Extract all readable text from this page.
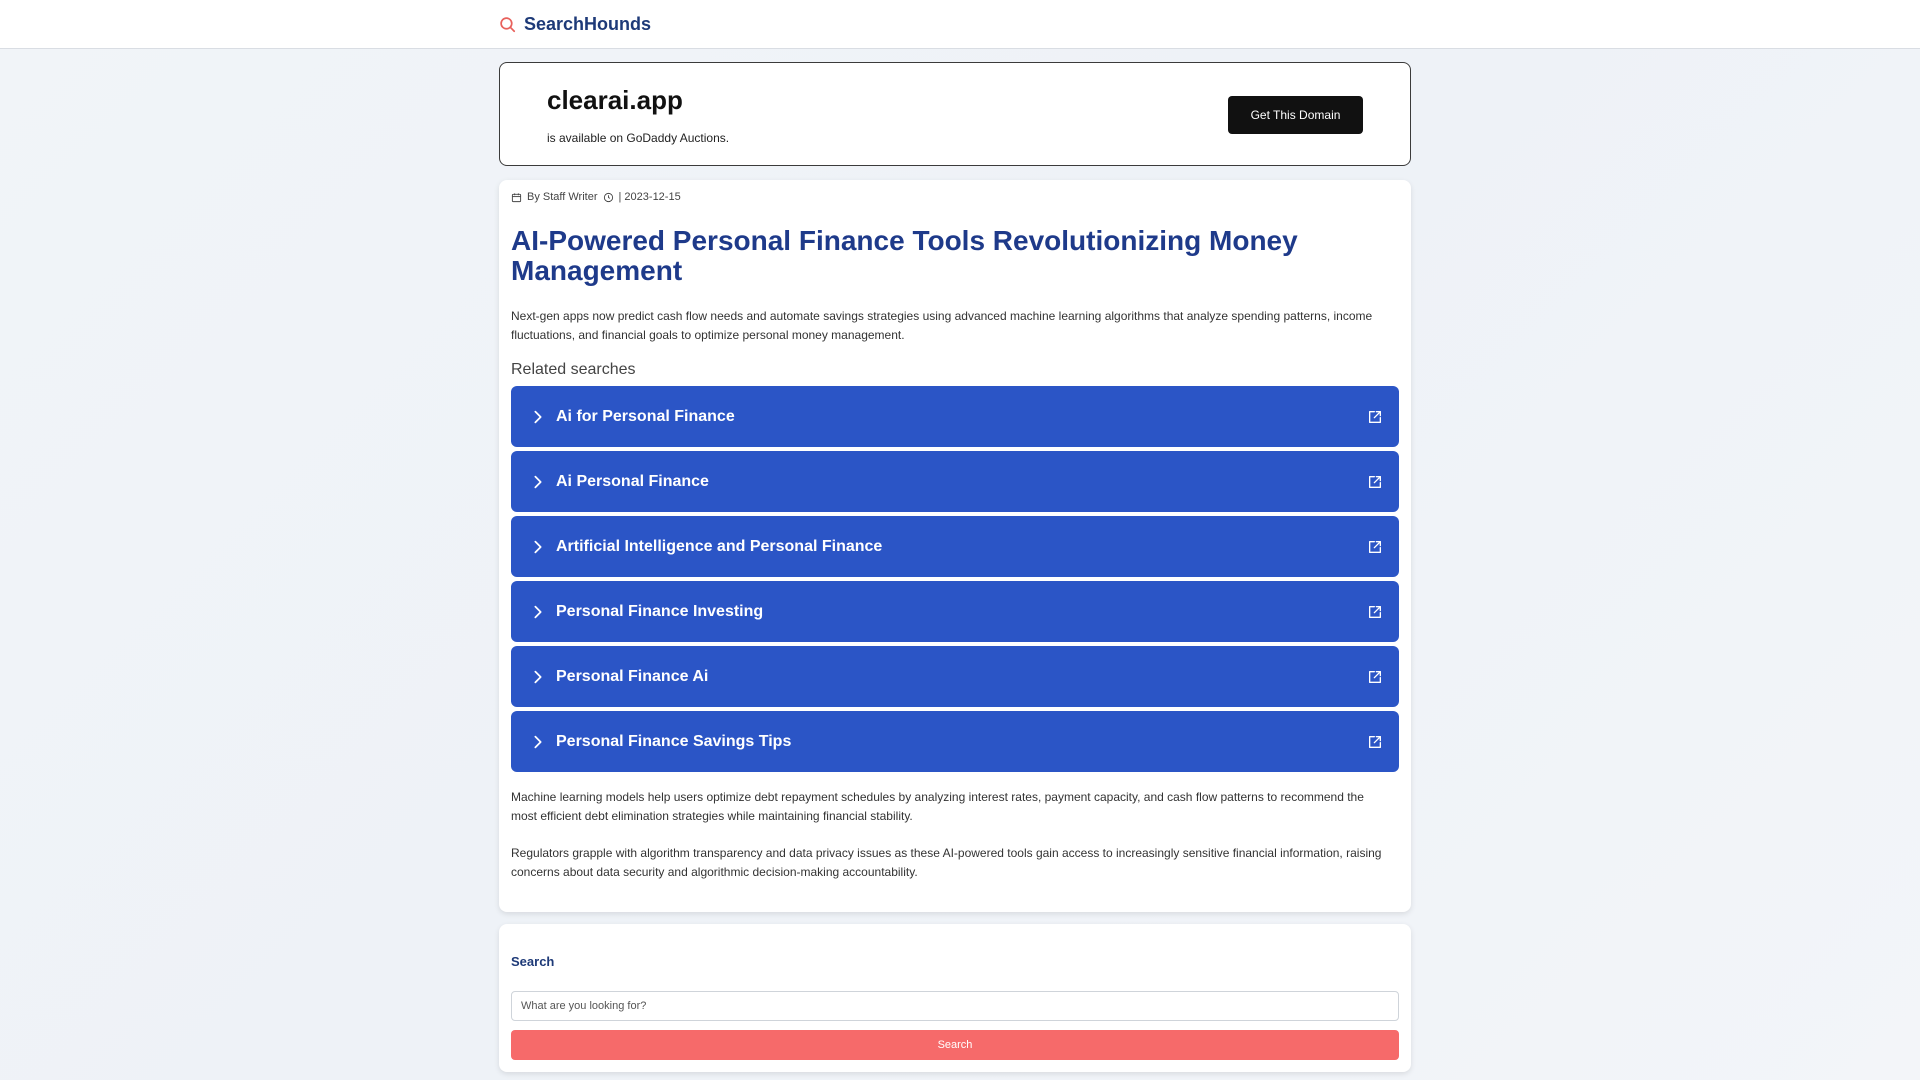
SearchHounds
clearai.app
is available on GoDaddy Auctions.
Get This Domain
By Staff Writer | 2023-12-15
AI-Powered Personal Finance Tools Revolutionizing Money Management

Next-gen apps now predict cash flow needs and automate savings strategies using advanced machine learning algorithms that analyze spending patterns, income fluctuations, and financial goals to optimize personal money management.

Related searches
Ai for Personal Finance
Ai Personal Finance
Artificial Intelligence and Personal Finance
Personal Finance Investing
Personal Finance Ai
Personal Finance Savings Tips

Machine learning models help users optimize debt repayment schedules by analyzing interest rates, payment capacity, and cash flow patterns to recommend the most efficient debt elimination strategies while maintaining financial stability.

Regulators grapple with algorithm transparency and data privacy issues as these AI-powered tools gain access to increasingly sensitive financial information, raising concerns about data security and algorithmic decision-making accountability.

Search
What are you looking for?
Search
